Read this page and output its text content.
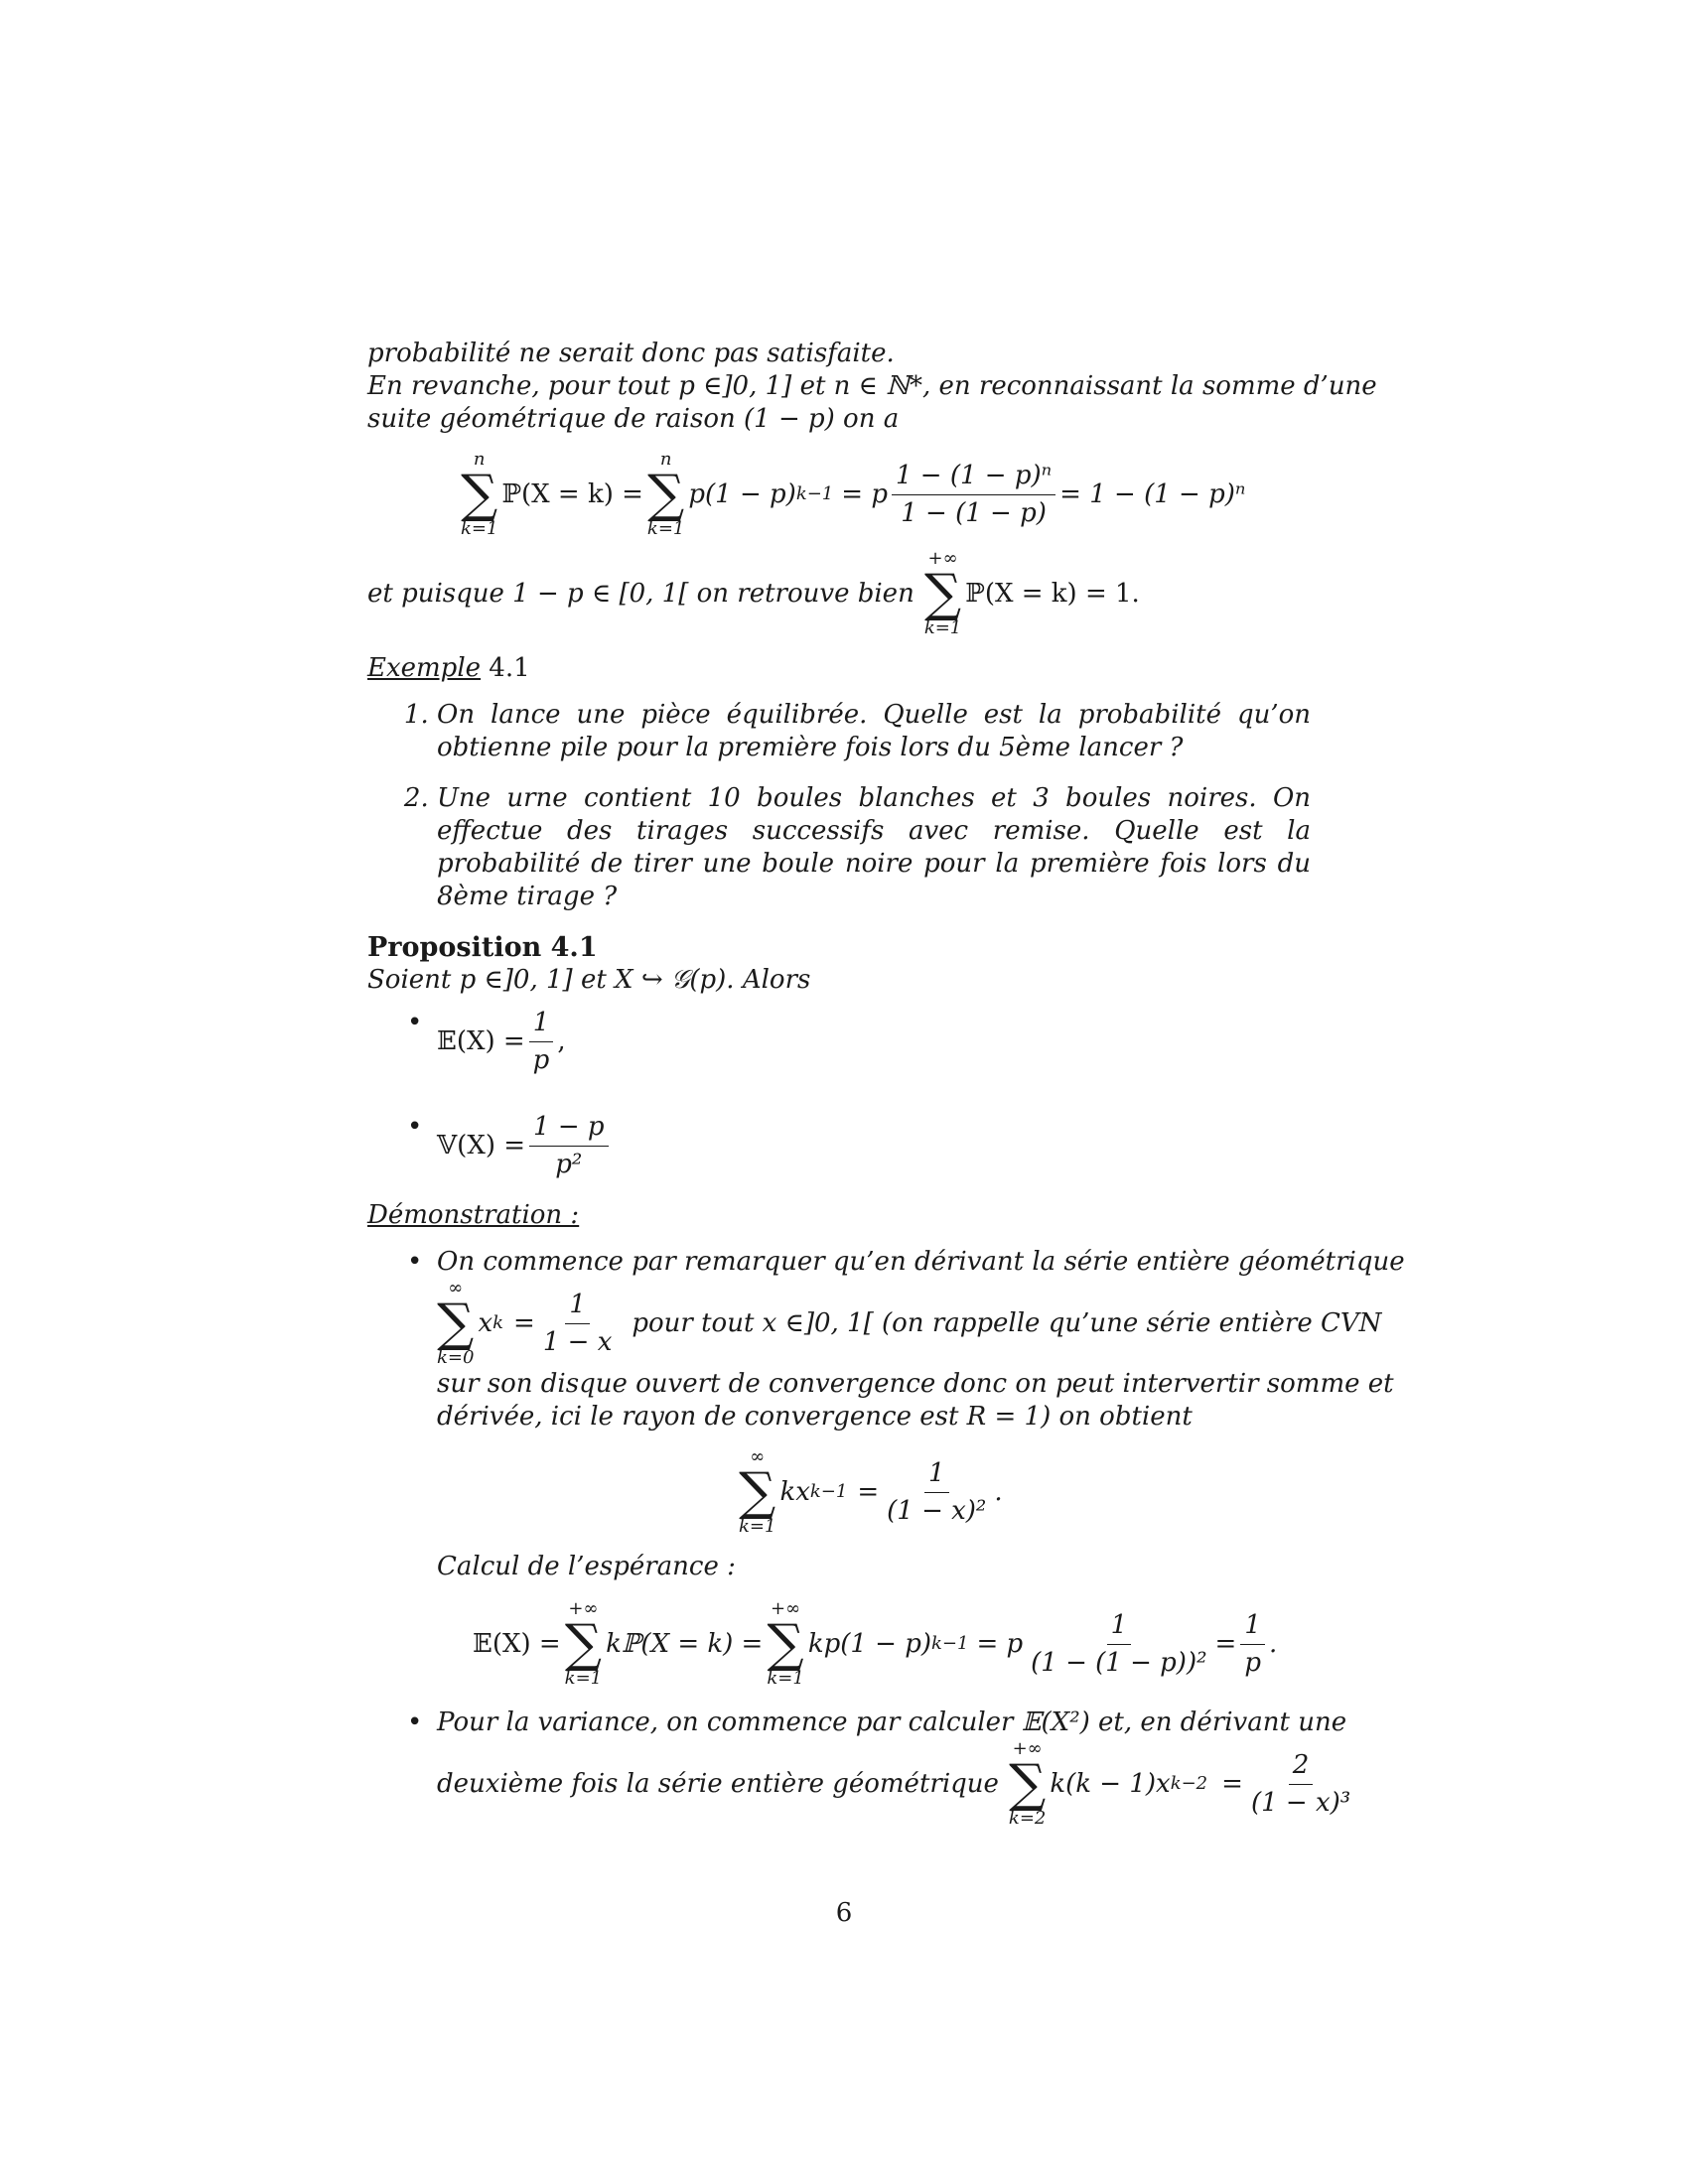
probabilité ne serait donc pas satisfaite.
En revanche, pour tout p ∈]0, 1] et n ∈ ℕ*, en reconnaissant la somme d’une
suite géométrique de raison (1 − p) on a
n
∑
k=1
ℙ(X = k) =
n
∑
k=1
p(1 − p) k−1 = p $\frac{\text{1 − (1 − p)ⁿ}}{1 - (1 - p)} = 1 - (1 - p)^n$
et puisque 1 − p ∈ [0, 1[ on retrouve bien
+∞
∑
k=1
ℙ(X = k) = 1.
Exemple 4.1
1. On lance une pièce équilibrée. Quelle est la probabilité qu’on obtienne pile pour la première fois lors du 5ème lancer ?
2. Une urne contient 10 boules blanches et 3 boules noires. On effectue des tirages successifs avec remise. Quelle est la probabilité de tirer une boule noire pour la première fois lors du 8ème tirage ?
Proposition 4.1
Soient p ∈]0, 1] et X ↪ 𝒢(p). Alors
•
𝔼(X) = $\frac{1}{p}$ ,
•
𝕍(X) = $\frac{1 - p}{\text{p²}}$
Démonstration :
• On commence par remarquer qu’en dérivant la série entière géométrique
∞
∑
k=0
x $k = \frac{1}{1 - x}$ pour tout x ∈]0, 1[ (on rappelle qu’une série entière CVN
sur son disque ouvert de convergence donc on peut intervertir somme et
dérivée, ici le rayon de convergence est R = 1) on obtient
∞
∑
k=1
kx $k-1 = \frac{1}{\text{(1 − x)²}}$ .
Calcul de l’espérance :
𝔼(X) =
+∞
∑
k=1
kℙ(X = k) =
+∞
∑
k=1
kp(1 − p) k−1 = p $\frac{1}{\text{(1 − (1 − p))²}} = \frac{1}{p}$ .
• Pour la variance, on commence par calculer 𝔼(X²) et, en dérivant une
deuxième fois la série entière géométrique
+∞
∑
k=2
k(k − 1)x $k-2 = \frac{2}{\text{(1 − x)³}}$
6
